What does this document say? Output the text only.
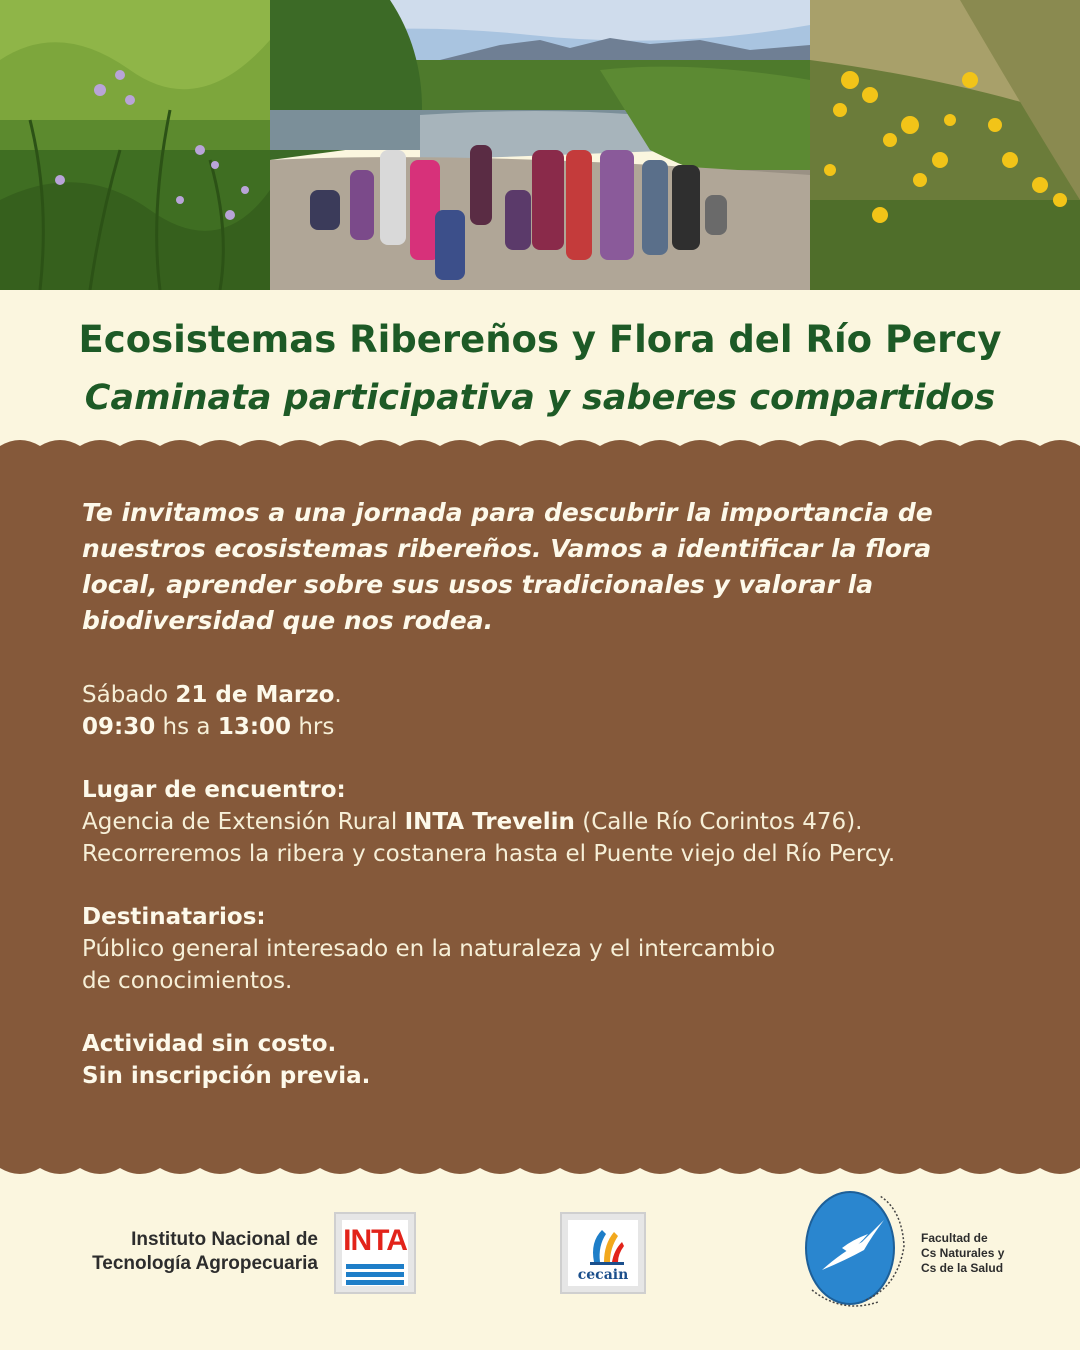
Ecosistemas Ribereños y Flora del Río Percy
Caminata participativa y saberes compartidos

Te invitamos a una jornada para descubrir la importancia de nuestros ecosistemas ribereños. Vamos a identificar la flora local, aprender sobre sus usos tradicionales y valorar la biodiversidad que nos rodea.

Sábado 21 de Marzo.
09:30 hs a 13:00 hrs
Lugar de encuentro:
Agencia de Extensión Rural INTA Trevelin (Calle Río Corintos 476).
Recorreremos la ribera y costanera hasta el Puente viejo del Río Percy.
Destinatarios:
Público general interesado en la naturaleza y el intercambio
de conocimientos.
Actividad sin costo.
Sin inscripción previa.
Instituto Nacional de
Tecnología Agropecuaria
INTA
cecain
Facultad de
Cs Naturales y
Cs de la Salud
